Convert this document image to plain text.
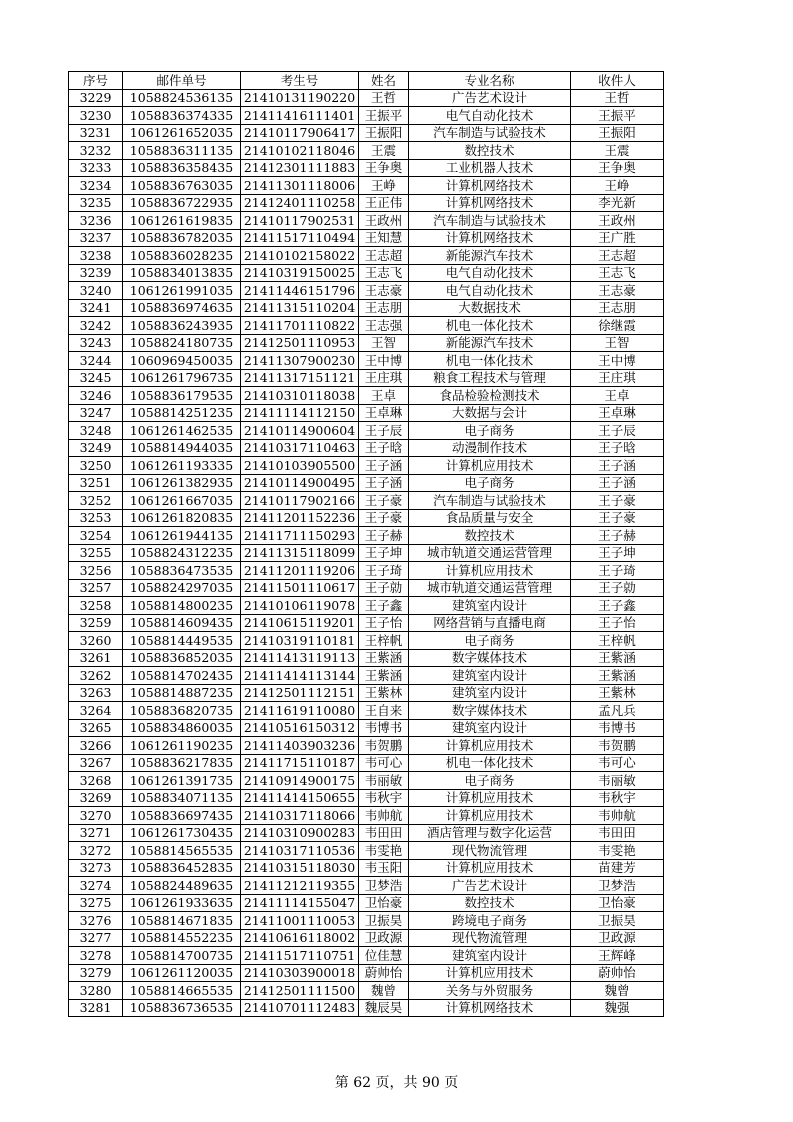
序号	邮件单号	考生号	姓名	专业名称	收件人
3229	1058824536135	21410131190220	王哲	广告艺术设计	王哲
3230	1058836374335	21411416111401	王振平	电气自动化技术	王振平
3231	1061261652035	21410117906417	王振阳	汽车制造与试验技术	王振阳
3232	1058836311135	21410102118046	王震	数控技术	王震
3233	1058836358435	21412301111883	王争奥	工业机器人技术	王争奥
3234	1058836763035	21411301118006	王峥	计算机网络技术	王峥
3235	1058836722935	21412401110258	王正伟	计算机网络技术	李光新
3236	1061261619835	21410117902531	王政州	汽车制造与试验技术	王政州
3237	1058836782035	21411517110494	王知慧	计算机网络技术	王广胜
3238	1058836028235	21410102158022	王志超	新能源汽车技术	王志超
3239	1058834013835	21410319150025	王志飞	电气自动化技术	王志飞
3240	1061261991035	21411446151796	王志豪	电气自动化技术	王志豪
3241	1058836974635	21411315110204	王志朋	大数据技术	王志朋
3242	1058836243935	21411701110822	王志强	机电一体化技术	徐继霞
3243	1058824180735	21412501110953	王智	新能源汽车技术	王智
3244	1060969450035	21411307900230	王中博	机电一体化技术	王中博
3245	1061261796735	21411317151121	王庄琪	粮食工程技术与管理	王庄琪
3246	1058836179535	21410310118038	王卓	食品检验检测技术	王卓
3247	1058814251235	21411114112150	王卓琳	大数据与会计	王卓琳
3248	1061261462535	21410114900604	王子辰	电子商务	王子辰
3249	1058814944035	21410317110463	王子晗	动漫制作技术	王子晗
3250	1061261193335	21410103905500	王子涵	计算机应用技术	王子涵
3251	1061261382935	21410114900495	王子涵	电子商务	王子涵
3252	1061261667035	21410117902166	王子豪	汽车制造与试验技术	王子豪
3253	1061261820835	21411201152236	王子豪	食品质量与安全	王子豪
3254	1061261944135	21411711150293	王子赫	数控技术	王子赫
3255	1058824312235	21411315118099	王子坤	城市轨道交通运营管理	王子坤
3256	1058836473535	21411201119206	王子琦	计算机应用技术	王子琦
3257	1058824297035	21411501110617	王子勍	城市轨道交通运营管理	王子勍
3258	1058814800235	21410106119078	王子鑫	建筑室内设计	王子鑫
3259	1058814609435	21410615119201	王子怡	网络营销与直播电商	王子怡
3260	1058814449535	21410319110181	王梓帆	电子商务	王梓帆
3261	1058836852035	21411413119113	王紫涵	数字媒体技术	王紫涵
3262	1058814702435	21411414113144	王紫涵	建筑室内设计	王紫涵
3263	1058814887235	21412501112151	王紫林	建筑室内设计	王紫林
3264	1058836820735	21411619110080	王自来	数字媒体技术	孟凡兵
3265	1058834860035	21410516150312	韦博书	建筑室内设计	韦博书
3266	1061261190235	21411403903236	韦贺鹏	计算机应用技术	韦贺鹏
3267	1058836217835	21411715110187	韦可心	机电一体化技术	韦可心
3268	1061261391735	21410914900175	韦丽敏	电子商务	韦丽敏
3269	1058834071135	21411414150655	韦秋宇	计算机应用技术	韦秋宇
3270	1058836697435	21410317118066	韦帅航	计算机应用技术	韦帅航
3271	1061261730435	21410310900283	韦田田	酒店管理与数字化运营	韦田田
3272	1058814565535	21410317110536	韦雯艳	现代物流管理	韦雯艳
3273	1058836452835	21410315118030	韦玉阳	计算机应用技术	苗建芳
3274	1058824489635	21411212119355	卫梦浩	广告艺术设计	卫梦浩
3275	1061261933635	21411114155047	卫怡豪	数控技术	卫怡豪
3276	1058814671835	21411001110053	卫振昊	跨境电子商务	卫振昊
3277	1058814552235	21410616118002	卫政源	现代物流管理	卫政源
3278	1058814700735	21411517110751	位佳慧	建筑室内设计	王辉峰
3279	1061261120035	21410303900018	蔚帅怡	计算机应用技术	蔚帅怡
3280	1058814665535	21412501111500	魏曾	关务与外贸服务	魏曾
3281	1058836736535	21410701112483	魏辰昊	计算机网络技术	魏强
第 62 页，共 90 页
